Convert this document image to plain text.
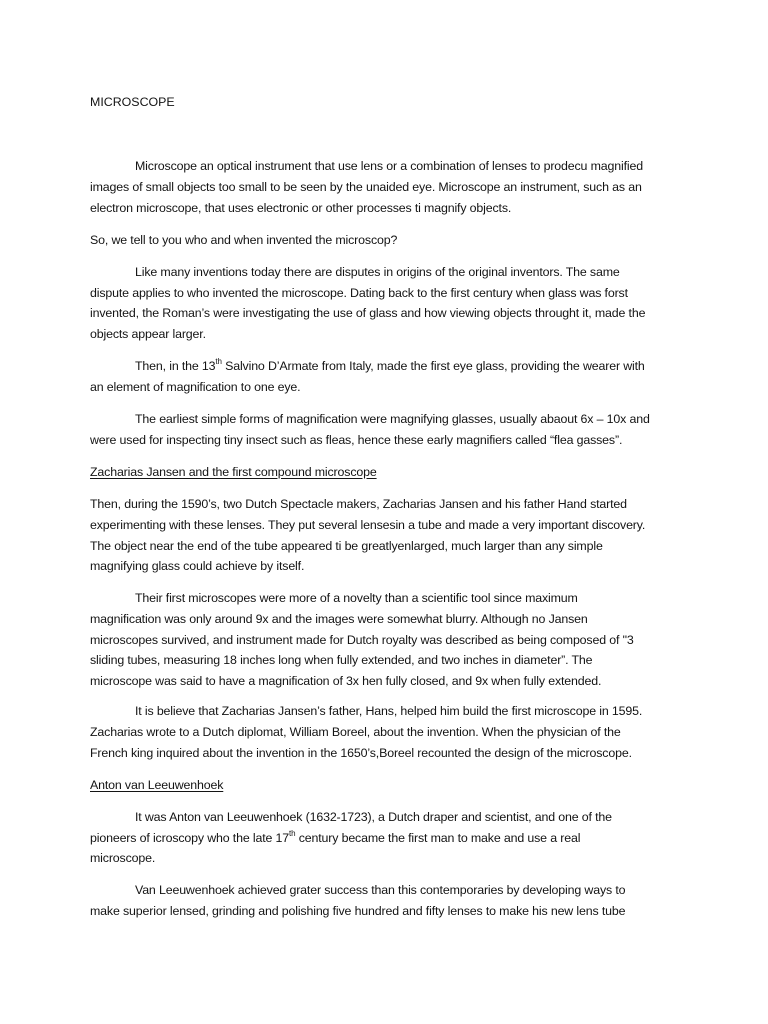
MICROSCOPE
Microscope an optical instrument that use lens or a combination of lenses to prodecu magnified
images of small objects too small to be seen by the unaided eye. Microscope an instrument, such as an
electron microscope, that uses electronic or other processes ti magnify objects.
So, we tell to you who and when invented the microscop?
Like many inventions today there are disputes in origins of the original inventors. The same
dispute applies to who invented the microscope. Dating back to the first century when glass was forst
invented, the Roman’s were investigating the use of glass and how viewing objects throught it, made the
objects appear larger.
Then, in the 13th Salvino D’Armate from Italy, made the first eye glass, providing the wearer with
an element of magnification to one eye.
The earliest simple forms of magnification were magnifying glasses, usually abaout 6x – 10x and
were used for inspecting tiny insect such as fleas, hence these early magnifiers called “flea gasses”.
Zacharias Jansen and the first compound microscope
Then, during the 1590’s, two Dutch Spectacle makers, Zacharias Jansen and his father Hand started
experimenting with these lenses. They put several lensesin a tube and made a very important discovery.
The object near the end of the tube appeared ti be greatlyenlarged, much larger than any simple
magnifying glass could achieve by itself.
Their first microscopes were more of a novelty than a scientific tool since maximum
magnification was only around 9x and the images were somewhat blurry. Although no Jansen
microscopes survived, and instrument made for Dutch royalty was described as being composed of "3
sliding tubes, measuring 18 inches long when fully extended, and two inches in diameter”. The
microscope was said to have a magnification of 3x hen fully closed, and 9x when fully extended.
It is believe that Zacharias Jansen’s father, Hans, helped him build the first microscope in 1595.
Zacharias wrote to a Dutch diplomat, William Boreel, about the invention. When the physician of the
French king inquired about the invention in the 1650’s,Boreel recounted the design of the microscope.
Anton van Leeuwenhoek
It was Anton van Leeuwenhoek (1632-1723), a Dutch draper and scientist, and one of the
pioneers of icroscopy who the late 17th century became the first man to make and use a real
microscope.
Van Leeuwenhoek achieved grater success than this contemporaries by developing ways to
make superior lensed, grinding and polishing five hundred and fifty lenses to make his new lens tube
